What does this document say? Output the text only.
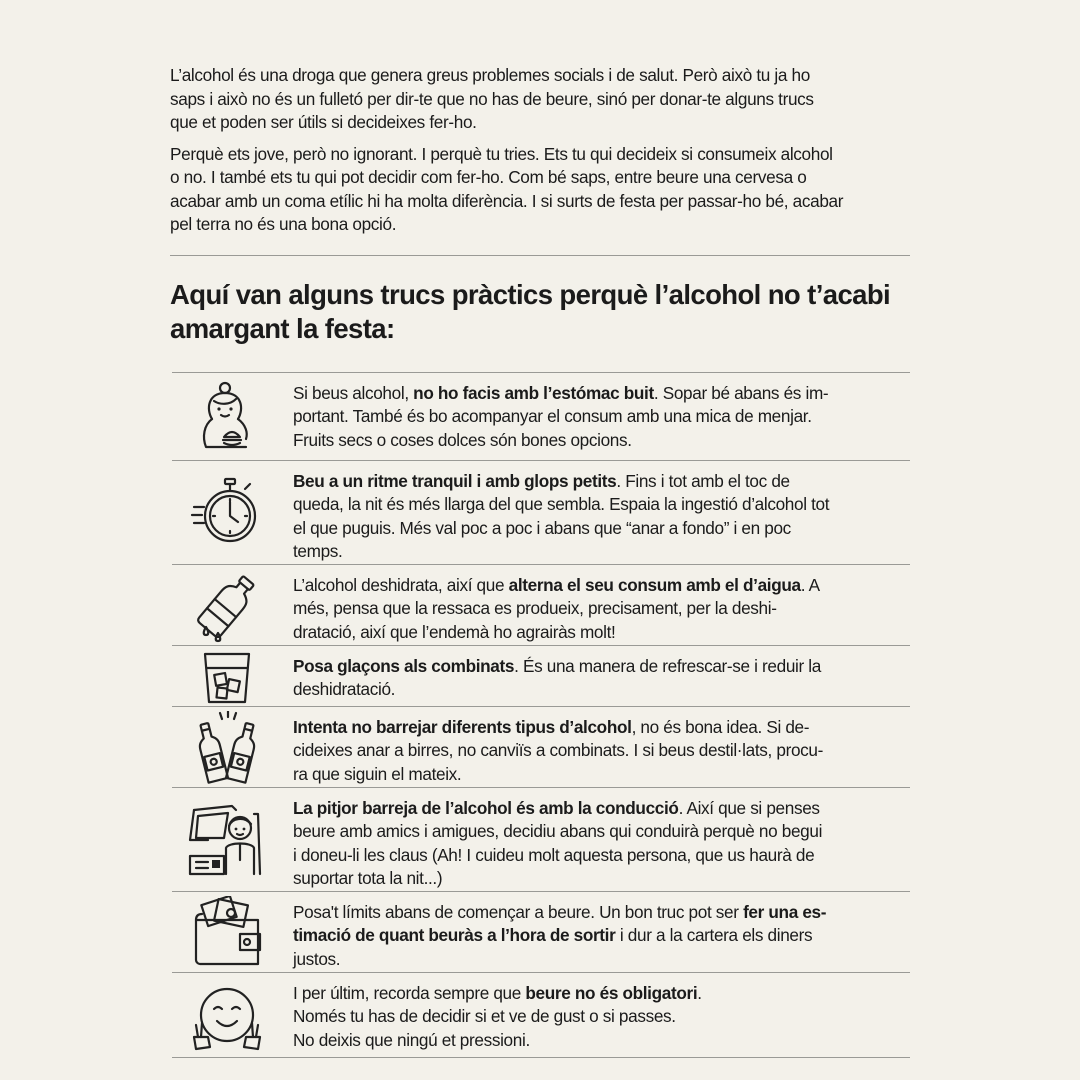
L’alcohol és una droga que genera greus problemes socials i de salut. Però això tu ja ho
saps i això no és un fulletó per dir-te que no has de beure, sinó per donar-te alguns trucs
que et poden ser útils si decideixes fer-ho.

Perquè ets jove, però no ignorant. I perquè tu tries. Ets tu qui decideix si consumeix alcohol
o no. I també ets tu qui pot decidir com fer-ho. Com bé saps, entre beure una cervesa o
acabar amb un coma etílic hi ha molta diferència. I si surts de festa per passar-ho bé, acabar
pel terra no és una bona opció.

Aquí van alguns trucs pràctics perquè l’alcohol no t’acabi
amargant la festa:
Si beus alcohol, no ho facis amb l’estómac buit. Sopar bé abans és im-
portant. També és bo acompanyar el consum amb una mica de menjar.
Fruits secs o coses dolces són bones opcions.
Beu a un ritme tranquil i amb glops petits. Fins i tot amb el toc de
queda, la nit és més llarga del que sembla. Espaia la ingestió d’alcohol tot
el que puguis. Més val poc a poc i abans que “anar a fondo” i en poc
temps.
L’alcohol deshidrata, així que alterna el seu consum amb el d’aigua. A
més, pensa que la ressaca es produeix, precisament, per la deshi-
dratació, així que l’endemà ho agrairàs molt!
Posa glaçons als combinats. És una manera de refrescar-se i reduir la
deshidratació.
Intenta no barrejar diferents tipus d’alcohol, no és bona idea. Si de-
cideixes anar a birres, no canviïs a combinats. I si beus destil·lats, procu-
ra que siguin el mateix.
La pitjor barreja de l’alcohol és amb la conducció. Així que si penses
beure amb amics i amigues, decidiu abans qui conduirà perquè no begui
i doneu-li les claus (Ah! I cuideu molt aquesta persona, que us haurà de
suportar tota la nit...)
Posa't límits abans de començar a beure. Un bon truc pot ser fer una es-
timació de quant beuràs a l’hora de sortir i dur a la cartera els diners
justos.
I per últim, recorda sempre que beure no és obligatori.
Només tu has de decidir si et ve de gust o si passes.
No deixis que ningú et pressioni.
